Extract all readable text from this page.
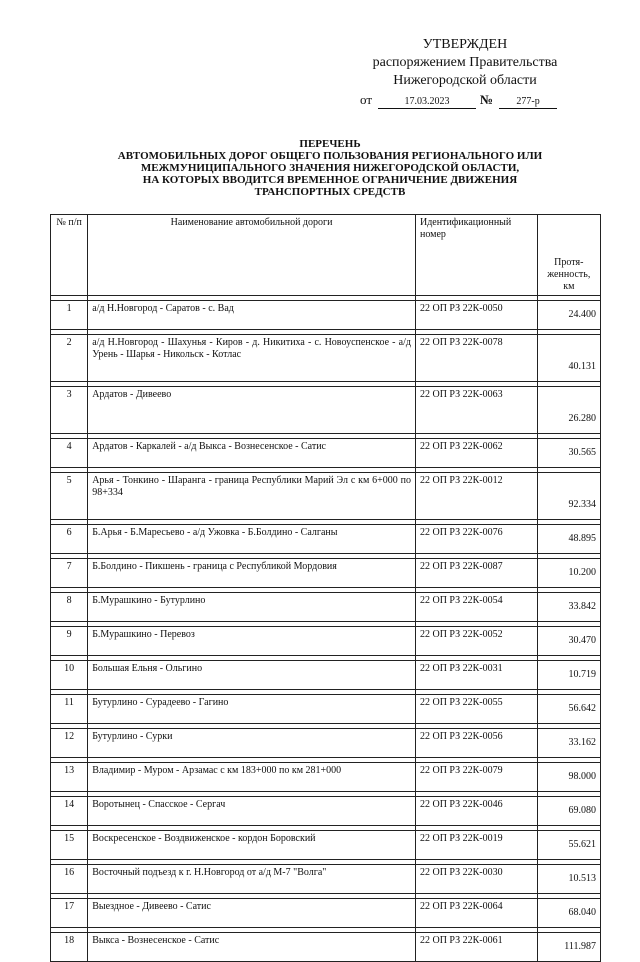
УТВЕРЖДЕН
распоряжением Правительства
Нижегородской области
от	17.03.2023	№	277-р
ПЕРЕЧЕНЬ
АВТОМОБИЛЬНЫХ ДОРОГ ОБЩЕГО ПОЛЬЗОВАНИЯ РЕГИОНАЛЬНОГО ИЛИ
МЕЖМУНИЦИПАЛЬНОГО ЗНАЧЕНИЯ НИЖЕГОРОДСКОЙ ОБЛАСТИ,
НА КОТОРЫХ ВВОДИТСЯ ВРЕМЕННОЕ ОГРАНИЧЕНИЕ ДВИЖЕНИЯ
ТРАНСПОРТНЫХ СРЕДСТВ
№ п/п	Наименование автомобильной дороги	Идентификационный номер	Протя-женность, км

1	а/д Н.Новгород - Саратов - с. Вад	22 ОП РЗ 22К-0050	24.400

2	а/д Н.Новгород - Шахунья - Киров - д. Никитиха - с. Новоуспенское - а/д Урень - Шарья - Никольск - Котлас	22 ОП РЗ 22К-0078	40.131

3	Ардатов - Дивеево	22 ОП РЗ 22К-0063	26.280

4	Ардатов - Каркалей - а/д Выкса - Вознесенское - Сатис	22 ОП РЗ 22К-0062	30.565

5	Арья - Тонкино - Шаранга - граница Республики Марий Эл с км 6+000 по 98+334	22 ОП РЗ 22К-0012	92.334

6	Б.Арья - Б.Маресьево - а/д Ужовка - Б.Болдино - Салганы	22 ОП РЗ 22К-0076	48.895

7	Б.Болдино - Пикшень - граница с Республикой Мордовия	22 ОП РЗ 22К-0087	10.200

8	Б.Мурашкино - Бутурлино	22 ОП РЗ 22К-0054	33.842

9	Б.Мурашкино - Перевоз	22 ОП РЗ 22К-0052	30.470

10	Большая Ельня - Ольгино	22 ОП РЗ 22К-0031	10.719

11	Бутурлино - Сурадеево - Гагино	22 ОП РЗ 22К-0055	56.642

12	Бутурлино - Сурки	22 ОП РЗ 22К-0056	33.162

13	Владимир - Муром - Арзамас с км 183+000 по км 281+000	22 ОП РЗ 22К-0079	98.000

14	Воротынец - Спасское - Сергач	22 ОП РЗ 22К-0046	69.080

15	Воскресенское - Воздвиженское - кордон Боровский	22 ОП РЗ 22К-0019	55.621

16	Восточный подъезд к г. Н.Новгород от а/д М-7 "Волга"	22 ОП РЗ 22К-0030	10.513

17	Выездное - Дивеево - Сатис	22 ОП РЗ 22К-0064	68.040

18	Выкса - Вознесенское - Сатис	22 ОП РЗ 22К-0061	111.987
